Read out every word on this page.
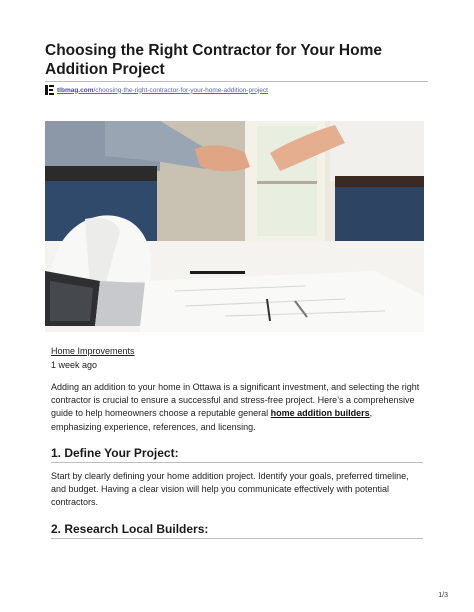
Choosing the Right Contractor for Your Home Addition Project
tlbmag.com/choosing-the-right-contractor-for-your-home-addition-project
Home Improvements
1 week ago

Adding an addition to your home in Ottawa is a significant investment, and selecting the right contractor is crucial to ensure a successful and stress-free project. Here’s a comprehensive guide to help homeowners choose a reputable general home addition builders, emphasizing experience, references, and licensing.

1. Define Your Project:

Start by clearly defining your home addition project. Identify your goals, preferred timeline, and budget. Having a clear vision will help you communicate effectively with potential contractors.

2. Research Local Builders:
1/3
